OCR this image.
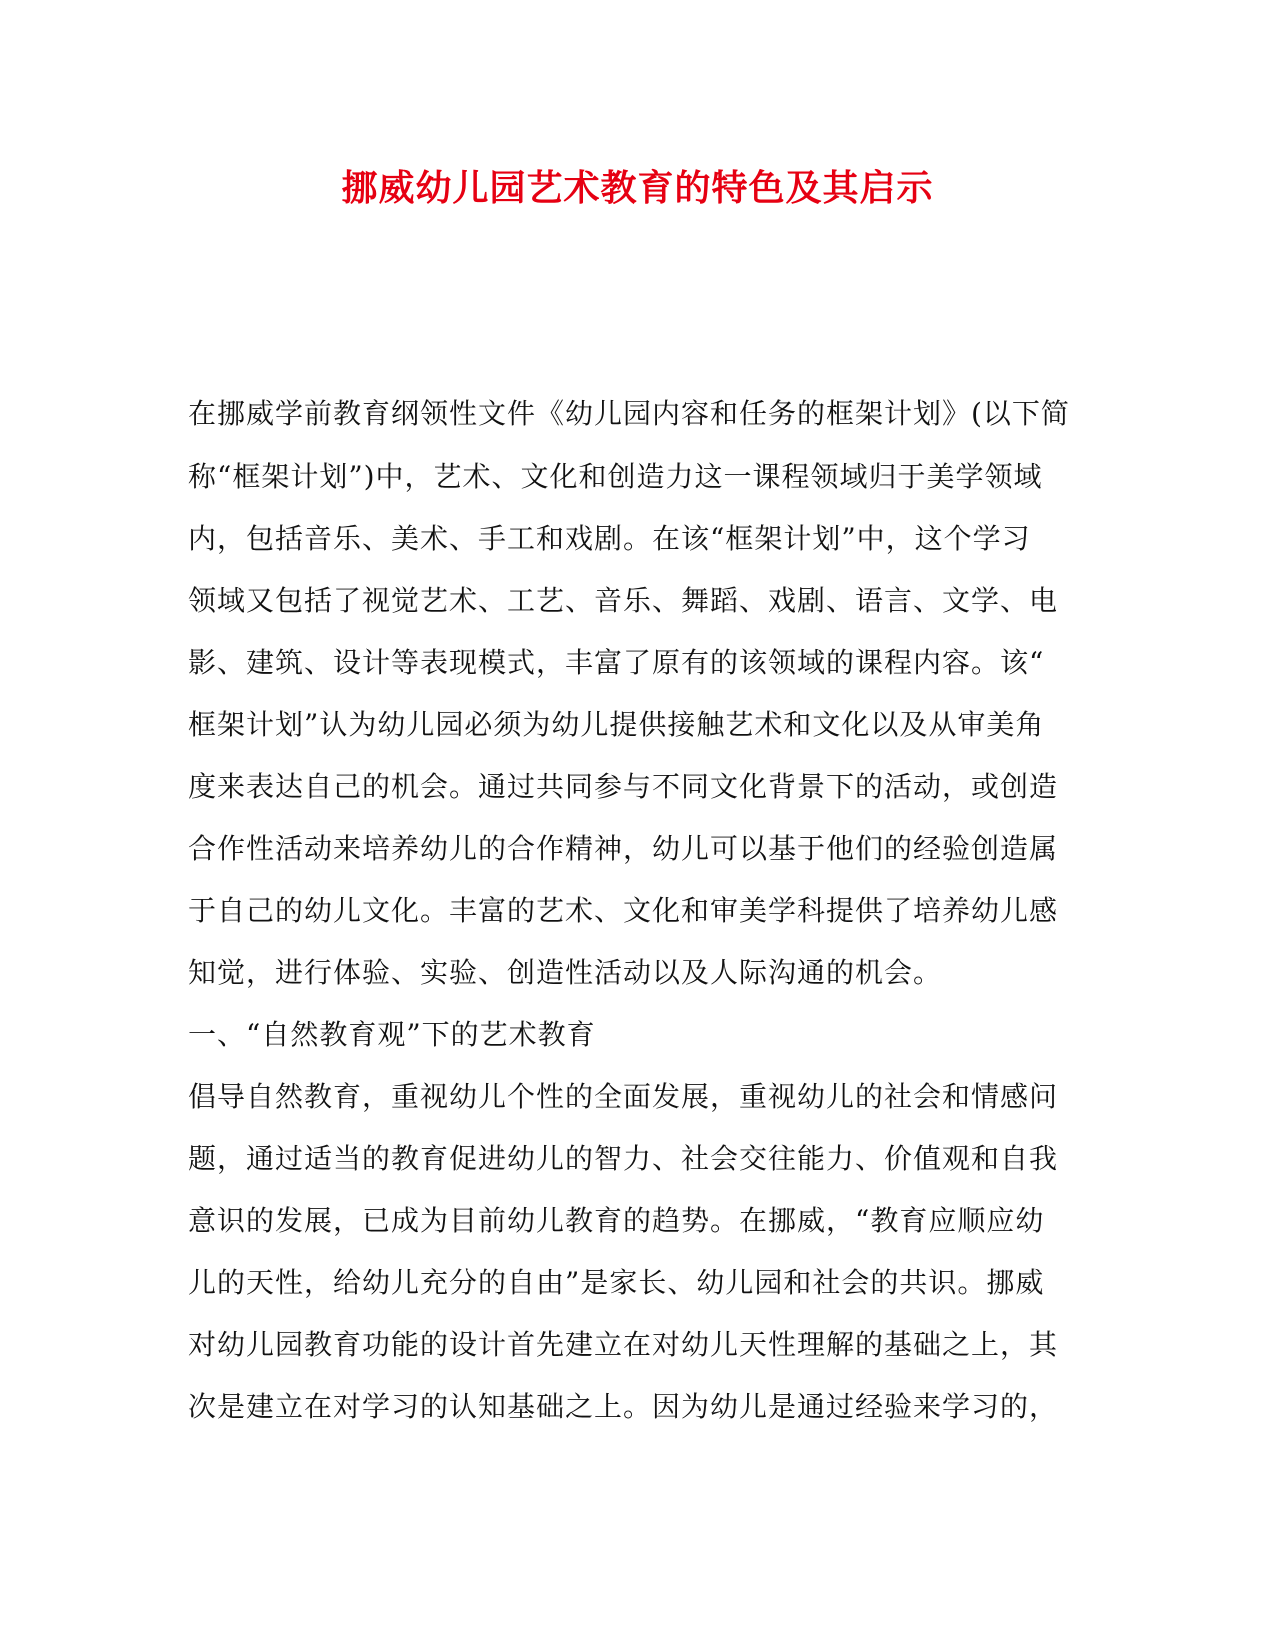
挪威幼儿园艺术教育的特色及其启示
在挪威学前教育纲领性文件《幼儿园内容和任务的框架计划》(以下简
称“框架计划”)中，艺术、文化和创造力这一课程领域归于美学领域
内，包括音乐、美术、手工和戏剧。在该“框架计划”中，这个学习
领域又包括了视觉艺术、工艺、音乐、舞蹈、戏剧、语言、文学、电
影、建筑、设计等表现模式，丰富了原有的该领域的课程内容。该“
框架计划”认为幼儿园必须为幼儿提供接触艺术和文化以及从审美角
度来表达自己的机会。通过共同参与不同文化背景下的活动，或创造
合作性活动来培养幼儿的合作精神，幼儿可以基于他们的经验创造属
于自己的幼儿文化。丰富的艺术、文化和审美学科提供了培养幼儿感
知觉，进行体验、实验、创造性活动以及人际沟通的机会。
一、“自然教育观”下的艺术教育
倡导自然教育，重视幼儿个性的全面发展，重视幼儿的社会和情感问
题，通过适当的教育促进幼儿的智力、社会交往能力、价值观和自我
意识的发展，已成为目前幼儿教育的趋势。在挪威，“教育应顺应幼
儿的天性，给幼儿充分的自由”是家长、幼儿园和社会的共识。挪威
对幼儿园教育功能的设计首先建立在对幼儿天性理解的基础之上，其
次是建立在对学习的认知基础之上。因为幼儿是通过经验来学习的，
